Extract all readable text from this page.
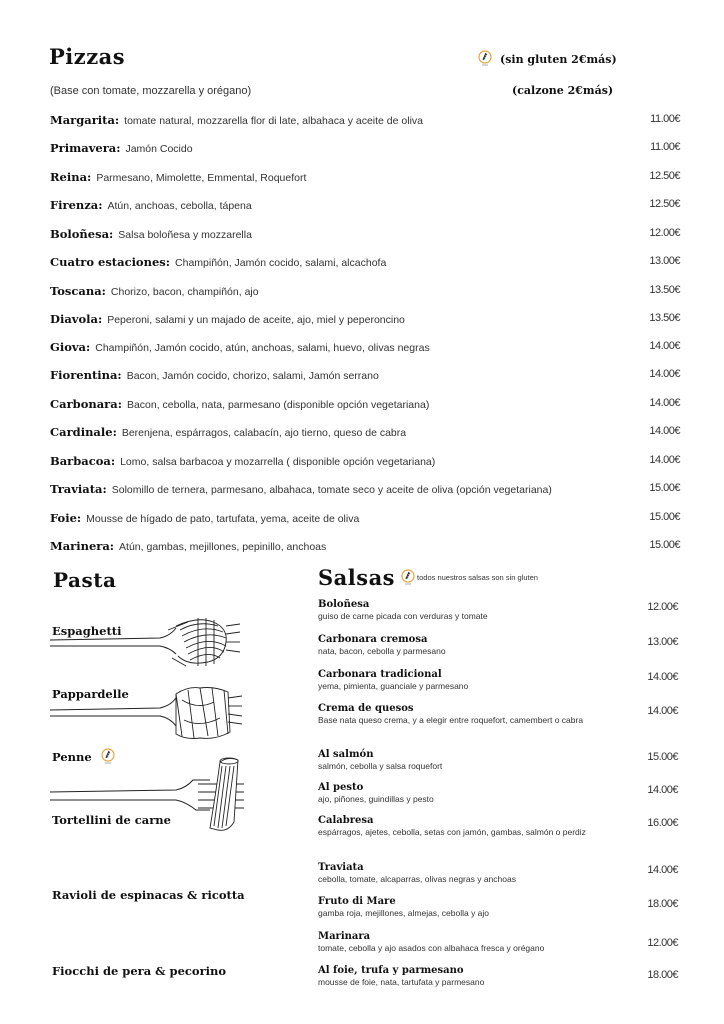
Pizzas	(sin gluten 2€más)
(Base con tomate, mozzarella y orégano)	(calzone 2€más)
Margarita: tomate natural, mozzarella flor di late, albahaca y aceite de oliva	11.00€
Primavera: Jamón Cocido	11.00€
Reina: Parmesano, Mimolette, Emmental, Roquefort	12.50€
Firenza: Atún, anchoas, cebolla, tápena	12.50€
Boloñesa: Salsa boloñesa y mozzarella	12.00€
Cuatro estaciones: Champiñón, Jamón cocido, salami, alcachofa	13.00€
Toscana: Chorizo, bacon, champiñón, ajo	13.50€
Diavola: Peperoni, salami y un majado de aceite, ajo, miel y peperoncino	13.50€
Giova: Champiñón, Jamón cocido, atún, anchoas, salami, huevo, olivas negras	14.00€
Fiorentina: Bacon, Jamón cocido, chorizo, salami, Jamón serrano	14.00€
Carbonara: Bacon, cebolla, nata, parmesano (disponible opción vegetariana)	14.00€
Cardinale: Berenjena, espárragos, calabacín, ajo tierno, queso de cabra	14.00€
Barbacoa: Lomo, salsa barbacoa y mozarrella ( disponible opción vegetariana)	14.00€
Traviata: Solomillo de ternera, parmesano, albahaca, tomate seco y aceite de oliva (opción vegetariana)	15.00€
Foie: Mousse de hígado de pato, tartufata, yema, aceite de oliva	15.00€
Marinera: Atún, gambas, mejillones, pepinillo, anchoas	15.00€
Pasta
Espaghetti
Pappardelle
Penne
Tortellini de carne
Ravioli de espinacas & ricotta
Fiocchi de pera & pecorino
Salsas	todos nuestros salsas son sin gluten
Boloñesa
guiso de carne picada con verduras y tomate
12.00€
Carbonara cremosa
nata, bacon, cebolla y parmesano
13.00€
Carbonara tradicional
yema, pimienta, guanciale y parmesano
14.00€
Crema de quesos
Base nata queso crema, y a elegir entre roquefort, camembert o cabra
14.00€
Al salmón
salmón, cebolla y salsa roquefort
15.00€
Al pesto
ajo, piñones, guindillas y pesto
14.00€
Calabresa
espárragos, ajetes, cebolla, setas con jamón, gambas, salmón o perdiz
16.00€
Traviata
cebolla, tomate, alcaparras, olivas negras y anchoas
14.00€
Fruto di Mare
gamba roja, mejillones, almejas, cebolla y ajo
18.00€
Marinara
tomate, cebolla y ajo asados con albahaca fresca y orégano	12.00€
Al foie, trufa y parmesano
mousse de foie, nata, tartufata y parmesano
18.00€
